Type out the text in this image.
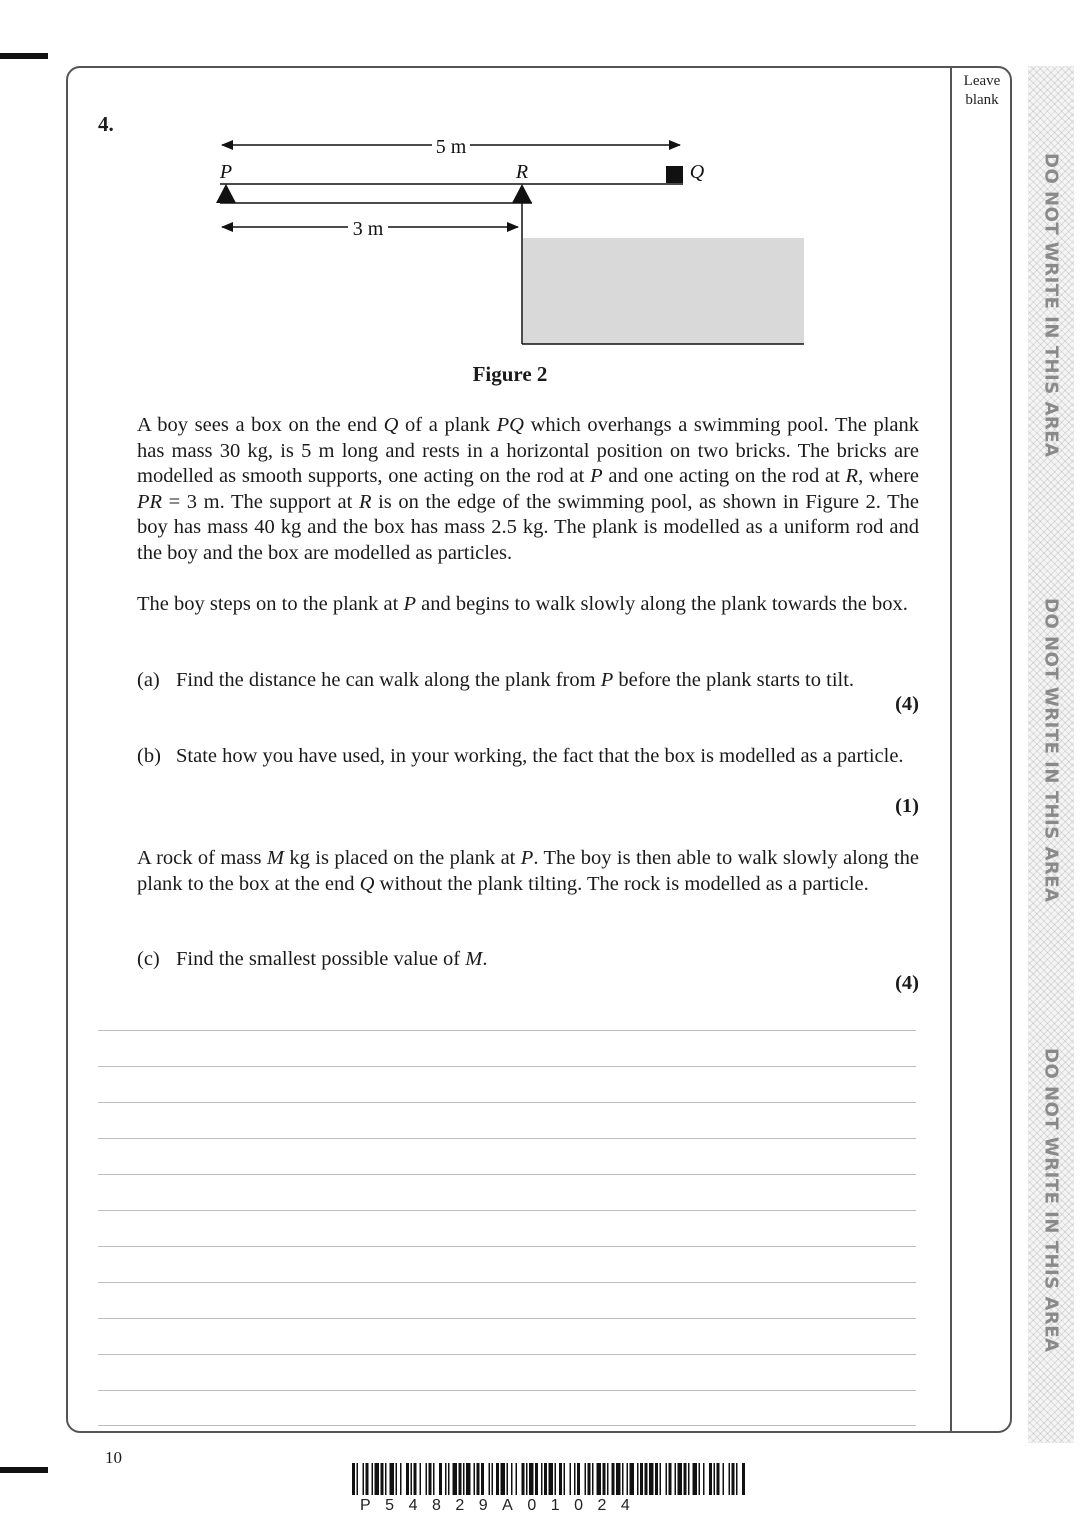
Leave blank
DO NOT WRITE IN THIS AREA
DO NOT WRITE IN THIS AREA
DO NOT WRITE IN THIS AREA
4.
5 m
P	R	Q
3 m
Figure 2

A boy sees a box on the end Q of a plank PQ which overhangs a swimming pool. The plank has mass 30 kg, is 5 m long and rests in a horizontal position on two bricks. The bricks are modelled as smooth supports, one acting on the rod at P and one acting on the rod at R, where PR = 3 m. The support at R is on the edge of the swimming pool, as shown in Figure 2. The boy has mass 40 kg and the box has mass 2.5 kg. The plank is modelled as a uniform rod and the boy and the box are modelled as particles.

The boy steps on to the plank at P and begins to walk slowly along the plank towards the box.

(a) Find the distance he can walk along the plank from P before the plank starts to tilt.
(4)
(b) State how you have used, in your working, the fact that the box is modelled as a particle.
(1)

A rock of mass M kg is placed on the plank at P. The boy is then able to walk slowly along the plank to the box at the end Q without the plank tilting. The rock is modelled as a particle.

(c) Find the smallest possible value of M.
(4)
10
P54829A01024
